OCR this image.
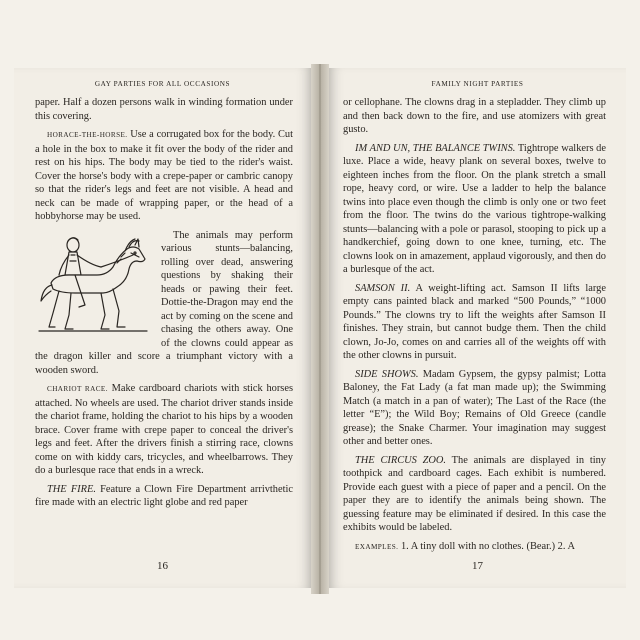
GAY PARTIES FOR ALL OCCASIONS

paper. Half a dozen persons walk in winding formation under this covering.

HORACE-THE-HORSE. Use a corrugated box for the body. Cut a hole in the box to make it fit over the body of the rider and rest on his hips. The body may be tied to the rider's waist. Cover the horse's body with a crepe-paper or cambric canopy so that the rider's legs and feet are not visible. A head and neck can be made of wrapping paper, or the head of a hobbyhorse may be used.

The animals may perform various stunts—balancing, rolling over dead, answering questions by shaking their heads or pawing their feet. Dottie-the-Dragon may end the act by coming on the scene and chasing the others away. One of the clowns could appear as the dragon killer and score a triumphant victory with a wooden sword.

CHARIOT RACE. Make cardboard chariots with stick horses attached. No wheels are used. The chariot driver stands inside the chariot frame, holding the chariot to his hips by a wooden brace. Cover frame with crepe paper to conceal the driver's legs and feet. After the drivers finish a stirring race, clowns come on with kiddy cars, tricycles, and wheelbarrows. They do a burlesque race that ends in a wreck.

THE FIRE. Feature a Clown Fire Department arrivthetic fire made with an electric light globe and red paper

16
FAMILY NIGHT PARTIES

or cellophane. The clowns drag in a stepladder. They climb up and then back down to the fire, and use atomizers with great gusto.

IM AND UN, THE BALANCE TWINS. Tightrope walkers de luxe. Place a wide, heavy plank on several boxes, twelve to eighteen inches from the floor. On the plank stretch a small rope, heavy cord, or wire. Use a ladder to help the balance twins into place even though the climb is only one or two feet from the floor. The twins do the various tightrope-walking stunts—balancing with a pole or parasol, stooping to pick up a handkerchief, going down to one knee, turning, etc. The clowns look on in amazement, applaud vigorously, and then do a burlesque of the act.

SAMSON II. A weight-lifting act. Samson II lifts large empty cans painted black and marked “500 Pounds,” “1000 Pounds.” The clowns try to lift the weights after Samson II finishes. They strain, but cannot budge them. Then the child clown, Jo-Jo, comes on and carries all of the weights off with the other clowns in pursuit.

SIDE SHOWS. Madam Gypsem, the gypsy palmist; Lotta Baloney, the Fat Lady (a fat man made up); the Swimming Match (a match in a pan of water); The Last of the Race (the letter “E”); the Wild Boy; Remains of Old Greece (candle grease); the Snake Charmer. Your imagination may suggest other and better ones.

THE CIRCUS ZOO. The animals are displayed in tiny toothpick and cardboard cages. Each exhibit is numbered. Provide each guest with a piece of paper and a pencil. On the paper they are to identify the animals being shown. The guessing feature may be eliminated if desired. In this case the exhibits would be labeled.

EXAMPLES. 1. A tiny doll with no clothes. (Bear.) 2. A

17
